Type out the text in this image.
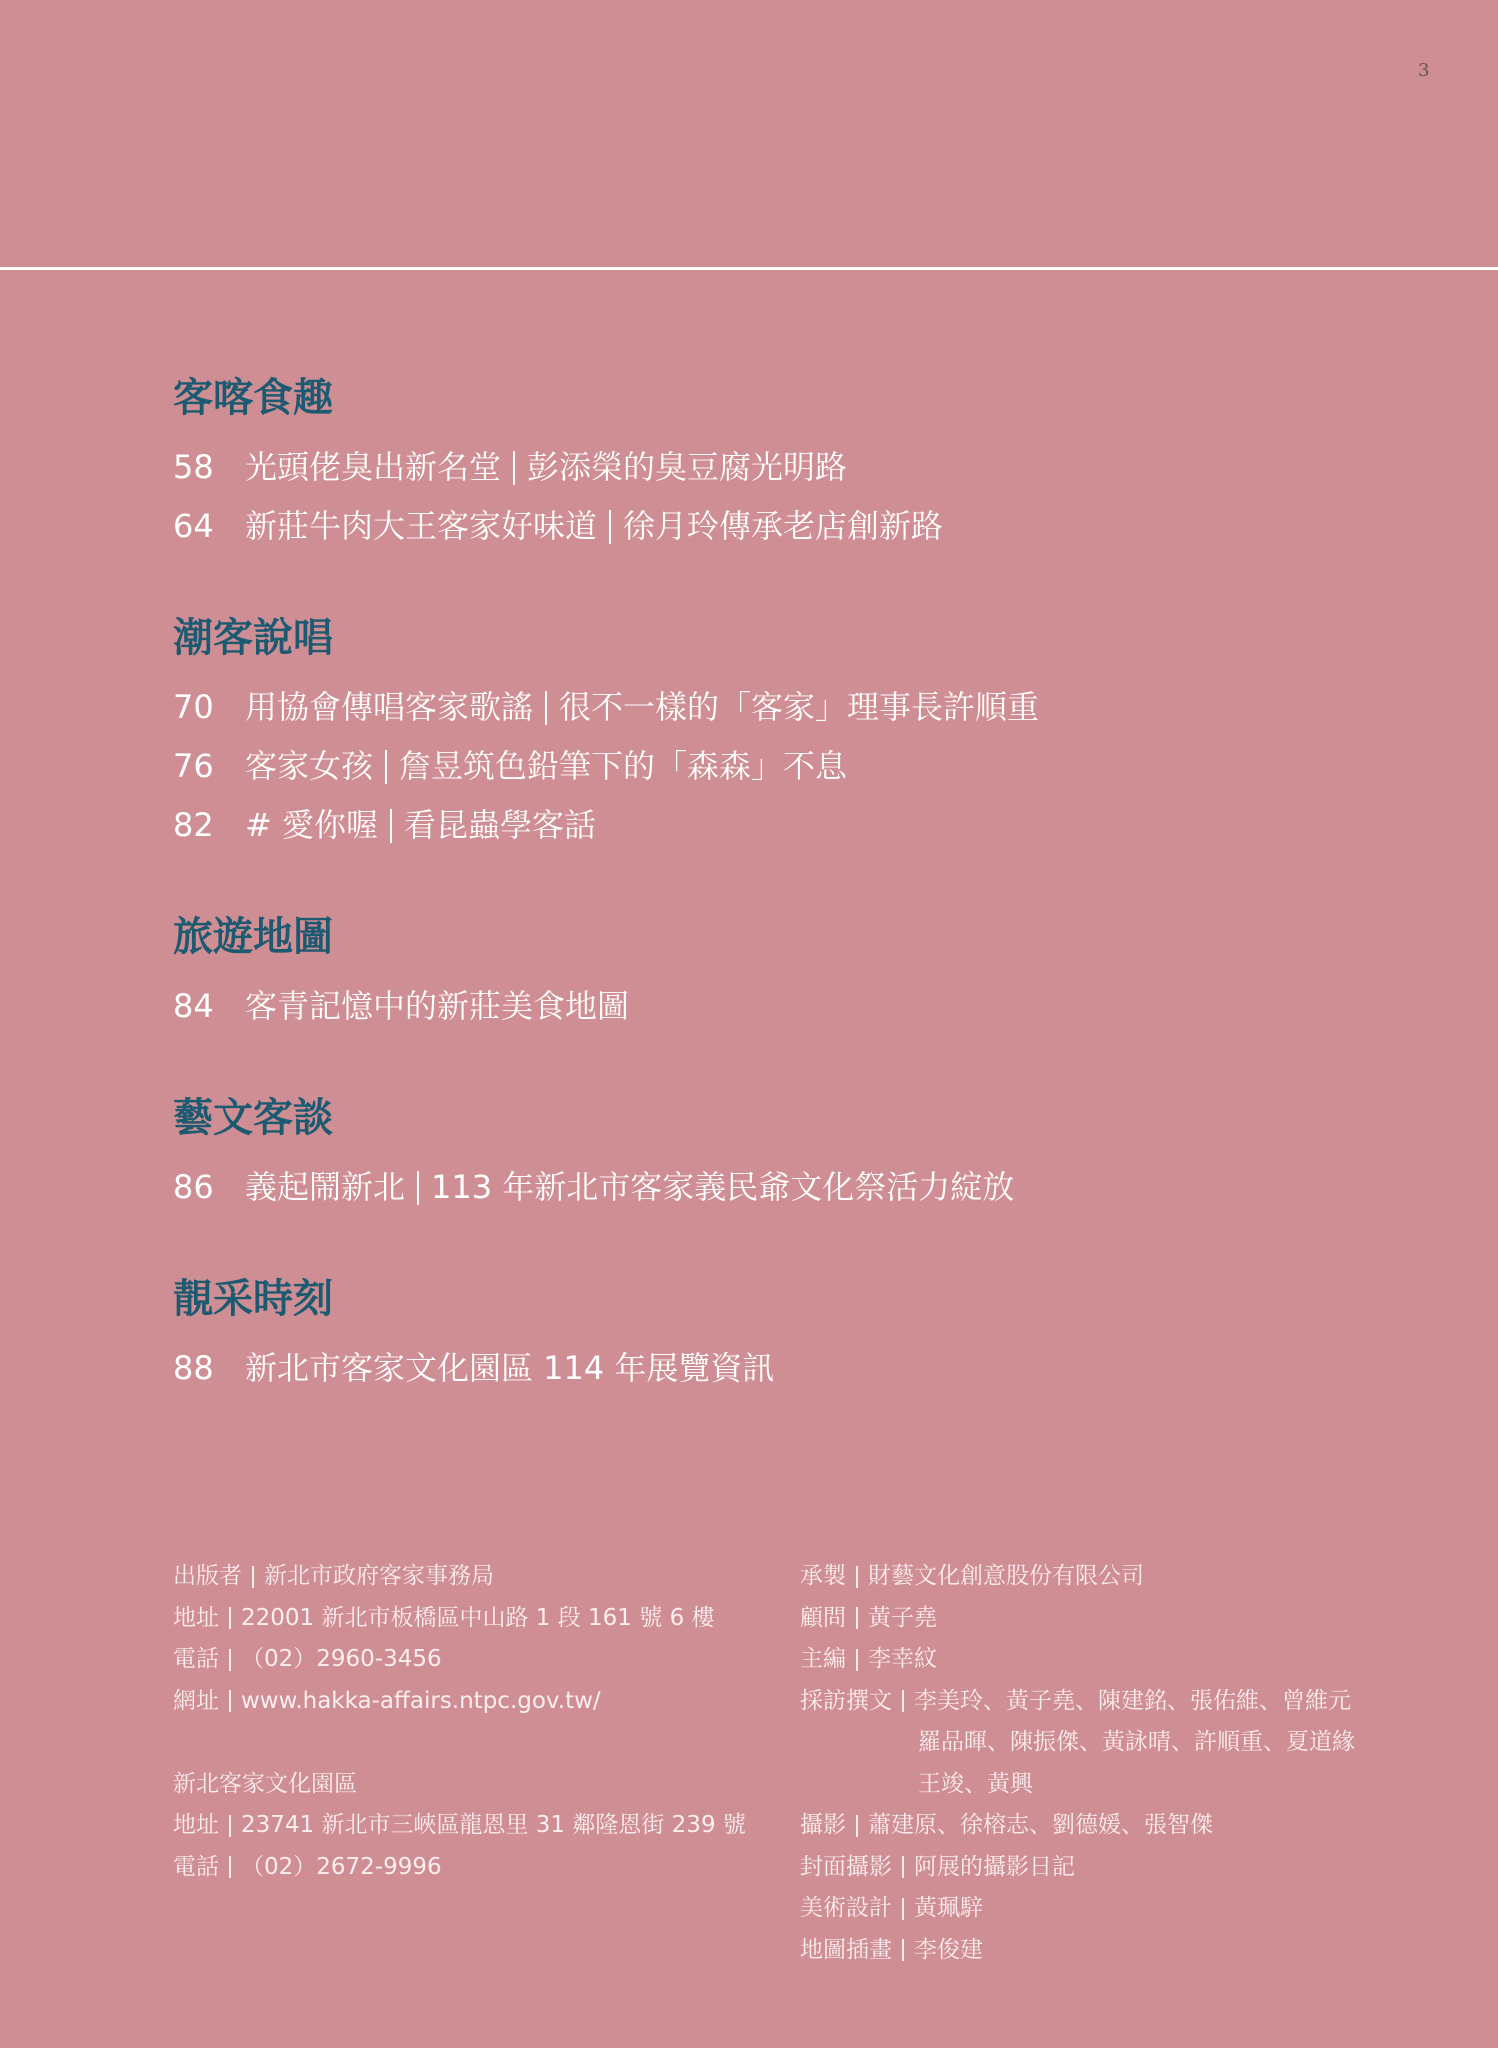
3
客喀食趣
58 光頭佬臭出新名堂 彭添榮的臭豆腐光明路
64 新莊牛肉大王客家好味道 徐月玲傳承老店創新路
潮客說唱
70 用協會傳唱客家歌謠 很不一樣的「客家」理事長許順重
76 客家女孩 詹昱筑色鉛筆下的「森森」不息
82 # 愛你喔 看昆蟲學客話
旅遊地圖
84 客青記憶中的新莊美食地圖
藝文客談
86 義起鬧新北 113 年新北市客家義民爺文化祭活力綻放
靚采時刻
88 新北市客家文化園區 114 年展覽資訊
出版者 新北市政府客家事務局
地址 22001 新北市板橋區中山路 1 段 161 號 6 樓
電話 （02）2960-3456
網址 www.hakka-affairs.ntpc.gov.tw/
新北客家文化園區
地址 23741 新北市三峽區龍恩里 31 鄰隆恩街 239 號
電話 （02）2672-9996
承製 財藝文化創意股份有限公司
顧問 黃子堯
主編 李幸紋
採訪撰文 李美玲、黃子堯、陳建銘、張佑維、曾維元
羅品暉、陳振傑、黃詠晴、許順重、夏道緣
王竣、黃興
攝影 蕭建原、徐榕志、劉德媛、張智傑
封面攝影 阿展的攝影日記
美術設計 黃珮騂
地圖插畫 李俊建
